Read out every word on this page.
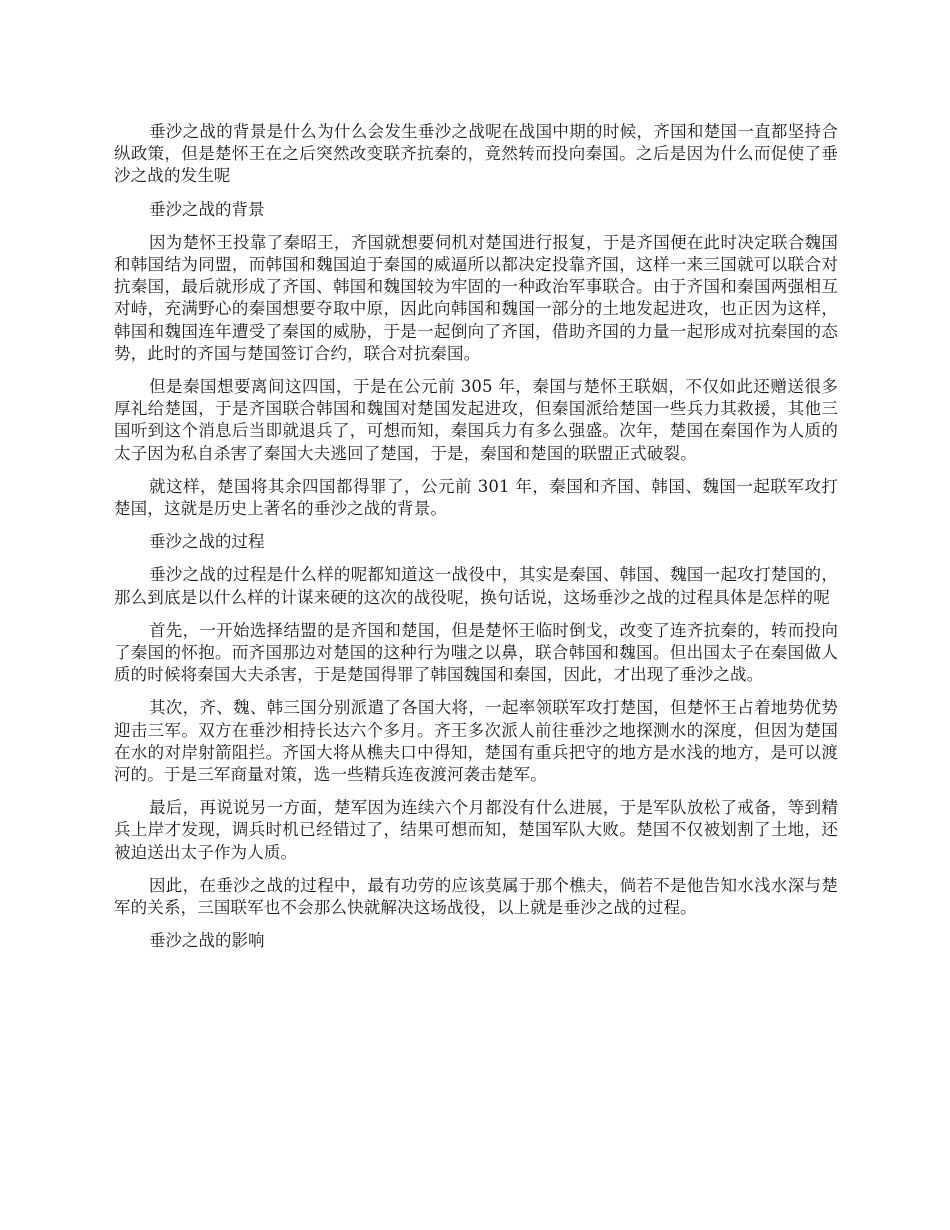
垂沙之战的背景是什么为什么会发生垂沙之战呢在战国中期的时候，齐国和楚国一直都坚持合纵政策，但是楚怀王在之后突然改变联齐抗秦的，竟然转而投向秦国。之后是因为什么而促使了垂沙之战的发生呢

垂沙之战的背景

因为楚怀王投靠了秦昭王，齐国就想要伺机对楚国进行报复，于是齐国便在此时决定联合魏国和韩国结为同盟，而韩国和魏国迫于秦国的威逼所以都决定投靠齐国，这样一来三国就可以联合对抗秦国，最后就形成了齐国、韩国和魏国较为牢固的一种政治军事联合。由于齐国和秦国两强相互对峙，充满野心的秦国想要夺取中原，因此向韩国和魏国一部分的土地发起进攻，也正因为这样，韩国和魏国连年遭受了秦国的威胁，于是一起倒向了齐国，借助齐国的力量一起形成对抗秦国的态势，此时的齐国与楚国签订合约，联合对抗秦国。

但是秦国想要离间这四国，于是在公元前 305 年，秦国与楚怀王联姻，不仅如此还赠送很多厚礼给楚国，于是齐国联合韩国和魏国对楚国发起进攻，但秦国派给楚国一些兵力其救援，其他三国听到这个消息后当即就退兵了，可想而知，秦国兵力有多么强盛。次年，楚国在秦国作为人质的太子因为私自杀害了秦国大夫逃回了楚国，于是，秦国和楚国的联盟正式破裂。

就这样，楚国将其余四国都得罪了，公元前 301 年，秦国和齐国、韩国、魏国一起联军攻打楚国，这就是历史上著名的垂沙之战的背景。

垂沙之战的过程

垂沙之战的过程是什么样的呢都知道这一战役中，其实是秦国、韩国、魏国一起攻打楚国的，那么到底是以什么样的计谋来硬的这次的战役呢，换句话说，这场垂沙之战的过程具体是怎样的呢

首先，一开始选择结盟的是齐国和楚国，但是楚怀王临时倒戈，改变了连齐抗秦的，转而投向了秦国的怀抱。而齐国那边对楚国的这种行为嗤之以鼻，联合韩国和魏国。但出国太子在秦国做人质的时候将秦国大夫杀害，于是楚国得罪了韩国魏国和秦国，因此，才出现了垂沙之战。

其次，齐、魏、韩三国分别派遣了各国大将，一起率领联军攻打楚国，但楚怀王占着地势优势迎击三军。双方在垂沙相持长达六个多月。齐王多次派人前往垂沙之地探测水的深度，但因为楚国在水的对岸射箭阻拦。齐国大将从樵夫口中得知，楚国有重兵把守的地方是水浅的地方，是可以渡河的。于是三军商量对策，选一些精兵连夜渡河袭击楚军。

最后，再说说另一方面，楚军因为连续六个月都没有什么进展，于是军队放松了戒备，等到精兵上岸才发现，调兵时机已经错过了，结果可想而知，楚国军队大败。楚国不仅被划割了土地，还被迫送出太子作为人质。

因此，在垂沙之战的过程中，最有功劳的应该莫属于那个樵夫，倘若不是他告知水浅水深与楚军的关系，三国联军也不会那么快就解决这场战役，以上就是垂沙之战的过程。

垂沙之战的影响
